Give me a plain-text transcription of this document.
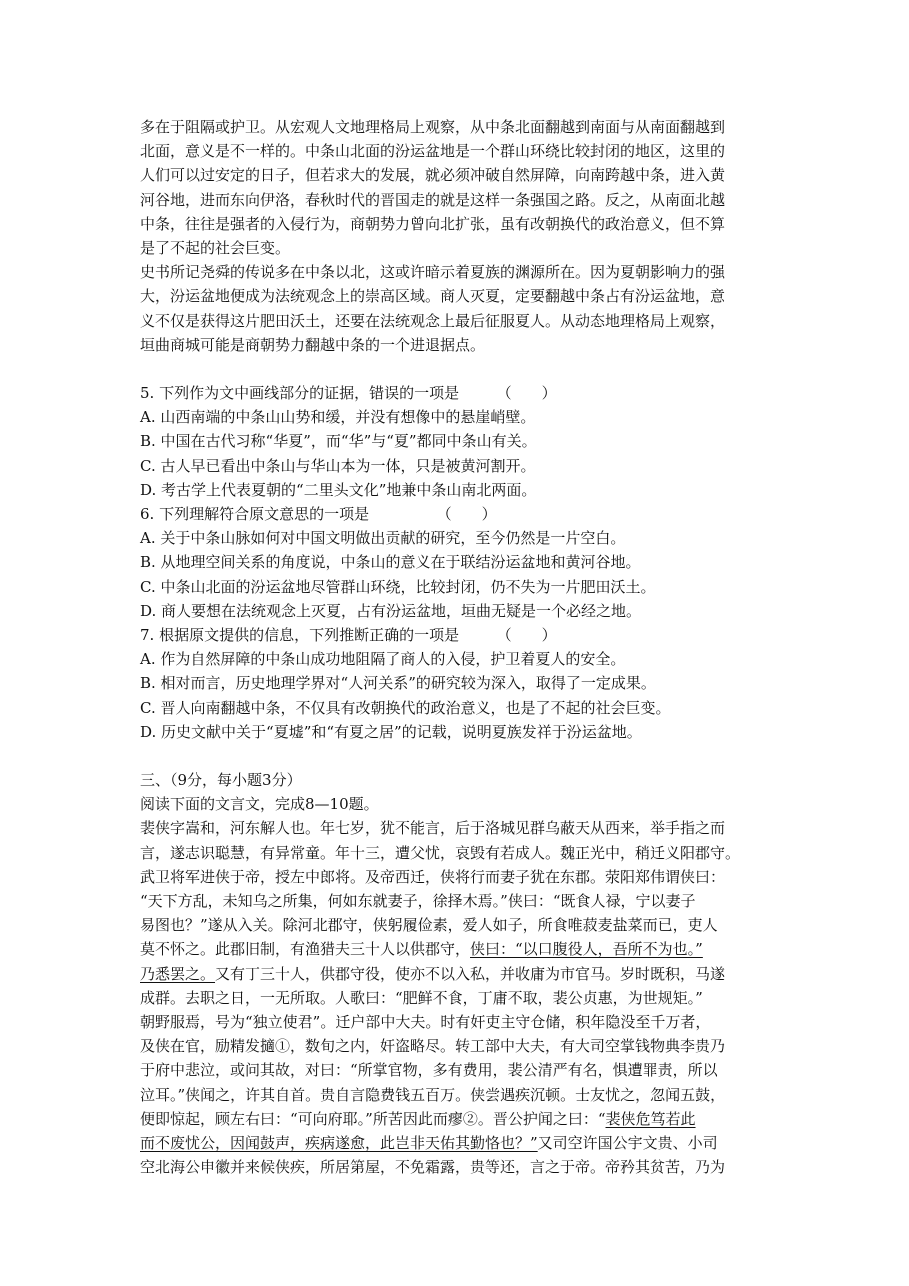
多在于阻隔或护卫。从宏观人文地理格局上观察，从中条北面翻越到南面与从南面翻越到
北面，意义是不一样的。中条山北面的汾运盆地是一个群山环绕比较封闭的地区，这里的
人们可以过安定的日子，但若求大的发展，就必须冲破自然屏障，向南跨越中条，进入黄
河谷地，进而东向伊洛，春秋时代的晋国走的就是这样一条强国之路。反之，从南面北越
中条，往往是强者的入侵行为，商朝势力曾向北扩张，虽有改朝换代的政治意义，但不算
是了不起的社会巨变。
史书所记尧舜的传说多在中条以北，这或许暗示着夏族的渊源所在。因为夏朝影响力的强
大，汾运盆地便成为法统观念上的崇高区域。商人灭夏，定要翻越中条占有汾运盆地，意
义不仅是获得这片肥田沃土，还要在法统观念上最后征服夏人。从动态地理格局上观察，
垣曲商城可能是商朝势力翻越中条的一个进退据点。
5. 下列作为文中画线部分的证据，错误的一项是　　　（　　）
A. 山西南端的中条山山势和缓，并没有想像中的悬崖峭壁。
B. 中国在古代习称“华夏”，而“华”与“夏”都同中条山有关。
C. 古人早已看出中条山与华山本为一体，只是被黄河割开。
D. 考古学上代表夏朝的“二里头文化”地兼中条山南北两面。
6. 下列理解符合原文意思的一项是　　　　　（　　）
A. 关于中条山脉如何对中国文明做出贡献的研究，至今仍然是一片空白。
B. 从地理空间关系的角度说，中条山的意义在于联结汾运盆地和黄河谷地。
C. 中条山北面的汾运盆地尽管群山环绕，比较封闭，仍不失为一片肥田沃土。
D. 商人要想在法统观念上灭夏，占有汾运盆地，垣曲无疑是一个必经之地。
7. 根据原文提供的信息，下列推断正确的一项是　　　（　　）
A. 作为自然屏障的中条山成功地阻隔了商人的入侵，护卫着夏人的安全。
B. 相对而言，历史地理学界对“人河关系”的研究较为深入，取得了一定成果。
C. 晋人向南翻越中条，不仅具有改朝换代的政治意义，也是了不起的社会巨变。
D. 历史文献中关于“夏墟”和“有夏之居”的记载，说明夏族发祥于汾运盆地。
三、（9分，每小题3分）
阅读下面的文言文，完成8—10题。
裴侠字嵩和，河东解人也。年七岁，犹不能言，后于洛城见群乌蔽天从西来，举手指之而
言，遂志识聪慧，有异常童。年十三，遭父忧，哀毁有若成人。魏正光中，稍迁义阳郡守。
武卫将军进侠于帝，授左中郎将。及帝西迁，侠将行而妻子犹在东郡。荥阳郑伟谓侠曰：
“天下方乱，未知乌之所集，何如东就妻子，徐择木焉。”侠曰：“既食人禄，宁以妻子
易图也？”遂从入关。除河北郡守，侠躬履俭素，爱人如子，所食唯菽麦盐菜而已，吏人
莫不怀之。此郡旧制，有渔猎夫三十人以供郡守，侠曰：“以口腹役人，吾所不为也。”
乃悉罢之。又有丁三十人，供郡守役，使亦不以入私，并收庸为市官马。岁时既积，马遂
成群。去职之日，一无所取。人歌曰：“肥鲜不食，丁庸不取，裴公贞惠，为世规矩。”
朝野服焉，号为“独立使君”。迁户部中大夫。时有奸吏主守仓储，积年隐没至千万者，
及侠在官，励精发擿①，数旬之内，奸盗略尽。转工部中大夫，有大司空掌钱物典李贵乃
于府中悲泣，或问其故，对曰：“所掌官物，多有费用，裴公清严有名，惧遭罪责，所以
泣耳。”侠闻之，许其自首。贵自言隐费钱五百万。侠尝遇疾沉顿。士友忧之，忽闻五鼓，
便即惊起，顾左右曰：“可向府耶。”所苦因此而瘳②。晋公护闻之曰：“裴侠危笃若此
而不废忧公，因闻鼓声，疾病遂愈，此岂非天佑其勤恪也？”又司空许国公宇文贵、小司
空北海公申徽并来候侠疾，所居第屋，不免霜露，贵等还，言之于帝。帝矜其贫苦，乃为
